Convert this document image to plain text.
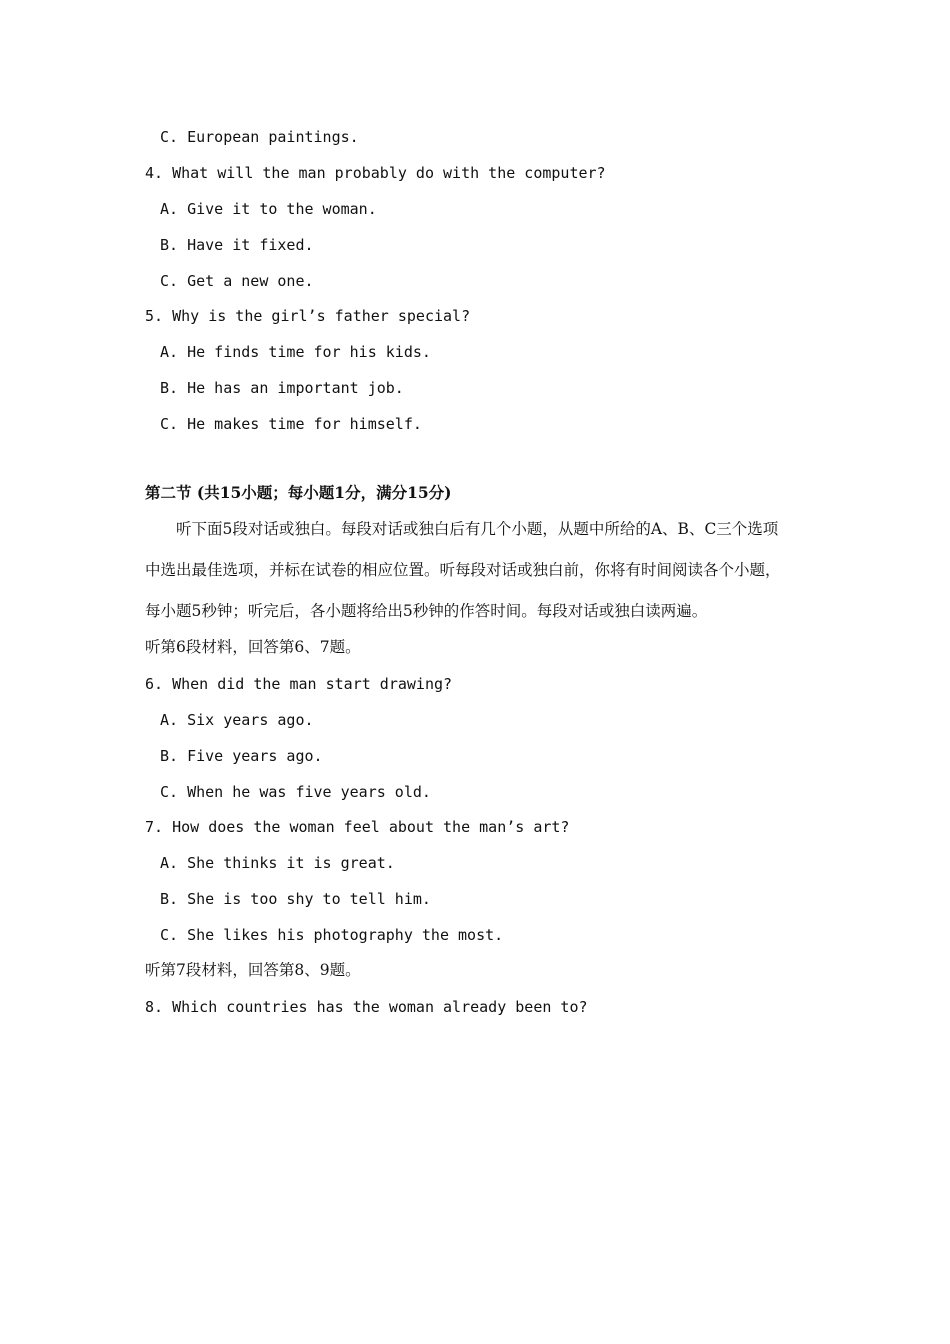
C. European paintings.
4. What will the man probably do with the computer?
A. Give it to the woman.
B. Have it fixed.
C. Get a new one.
5. Why is the girl’s father special?
A. He finds time for his kids.
B. He has an important job.
C. He makes time for himself.
第二节 (共15小题；每小题1分，满分15分)
听下面5段对话或独白。每段对话或独白后有几个小题，从题中所给的A、B、C三个选项
中选出最佳选项，并标在试卷的相应位置。听每段对话或独白前，你将有时间阅读各个小题，
每小题5秒钟；听完后，各小题将给出5秒钟的作答时间。每段对话或独白读两遍。
听第6段材料，回答第6、7题。
6. When did the man start drawing?
A. Six years ago.
B. Five years ago.
C. When he was five years old.
7. How does the woman feel about the man’s art?
A. She thinks it is great.
B. She is too shy to tell him.
C. She likes his photography the most.
听第7段材料，回答第8、9题。
8. Which countries has the woman already been to?
